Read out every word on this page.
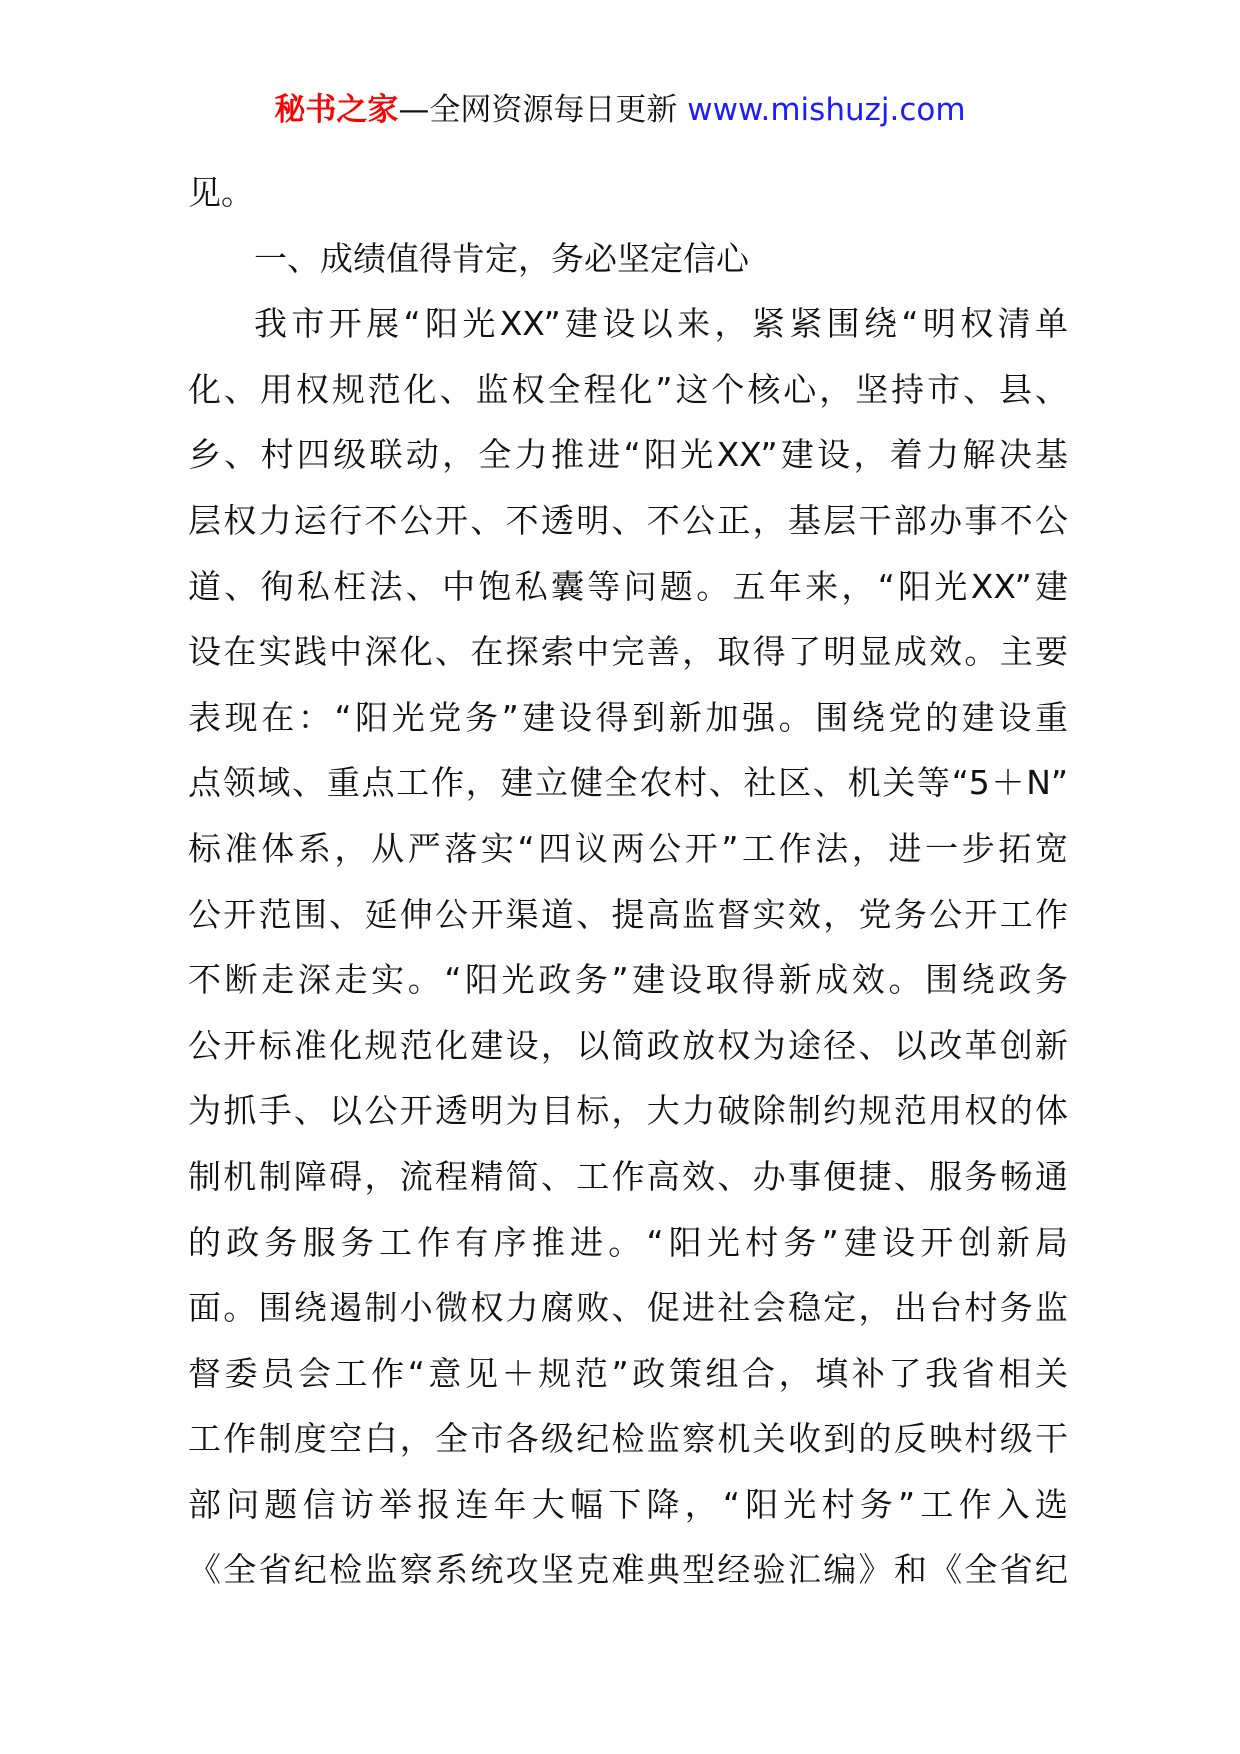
秘书之家—全网资源每日更新 www.mishuzj.com
见。
一、成绩值得肯定，务必坚定信心
我市开展“阳光XX”建设以来，紧紧围绕“明权清单
化、用权规范化、监权全程化”这个核心，坚持市、县、
乡、村四级联动，全力推进“阳光XX”建设，着力解决基
层权力运行不公开、不透明、不公正，基层干部办事不公
道、徇私枉法、中饱私囊等问题。五年来，“阳光XX”建
设在实践中深化、在探索中完善，取得了明显成效。主要
表现在：“阳光党务”建设得到新加强。围绕党的建设重
点领域、重点工作，建立健全农村、社区、机关等“5＋N”
标准体系，从严落实“四议两公开”工作法，进一步拓宽
公开范围、延伸公开渠道、提高监督实效，党务公开工作
不断走深走实。“阳光政务”建设取得新成效。围绕政务
公开标准化规范化建设，以简政放权为途径、以改革创新
为抓手、以公开透明为目标，大力破除制约规范用权的体
制机制障碍，流程精简、工作高效、办事便捷、服务畅通
的政务服务工作有序推进。“阳光村务”建设开创新局
面。围绕遏制小微权力腐败、促进社会稳定，出台村务监
督委员会工作“意见＋规范”政策组合，填补了我省相关
工作制度空白，全市各级纪检监察机关收到的反映村级干
部问题信访举报连年大幅下降，“阳光村务”工作入选
《全省纪检监察系统攻坚克难典型经验汇编》和《全省纪
